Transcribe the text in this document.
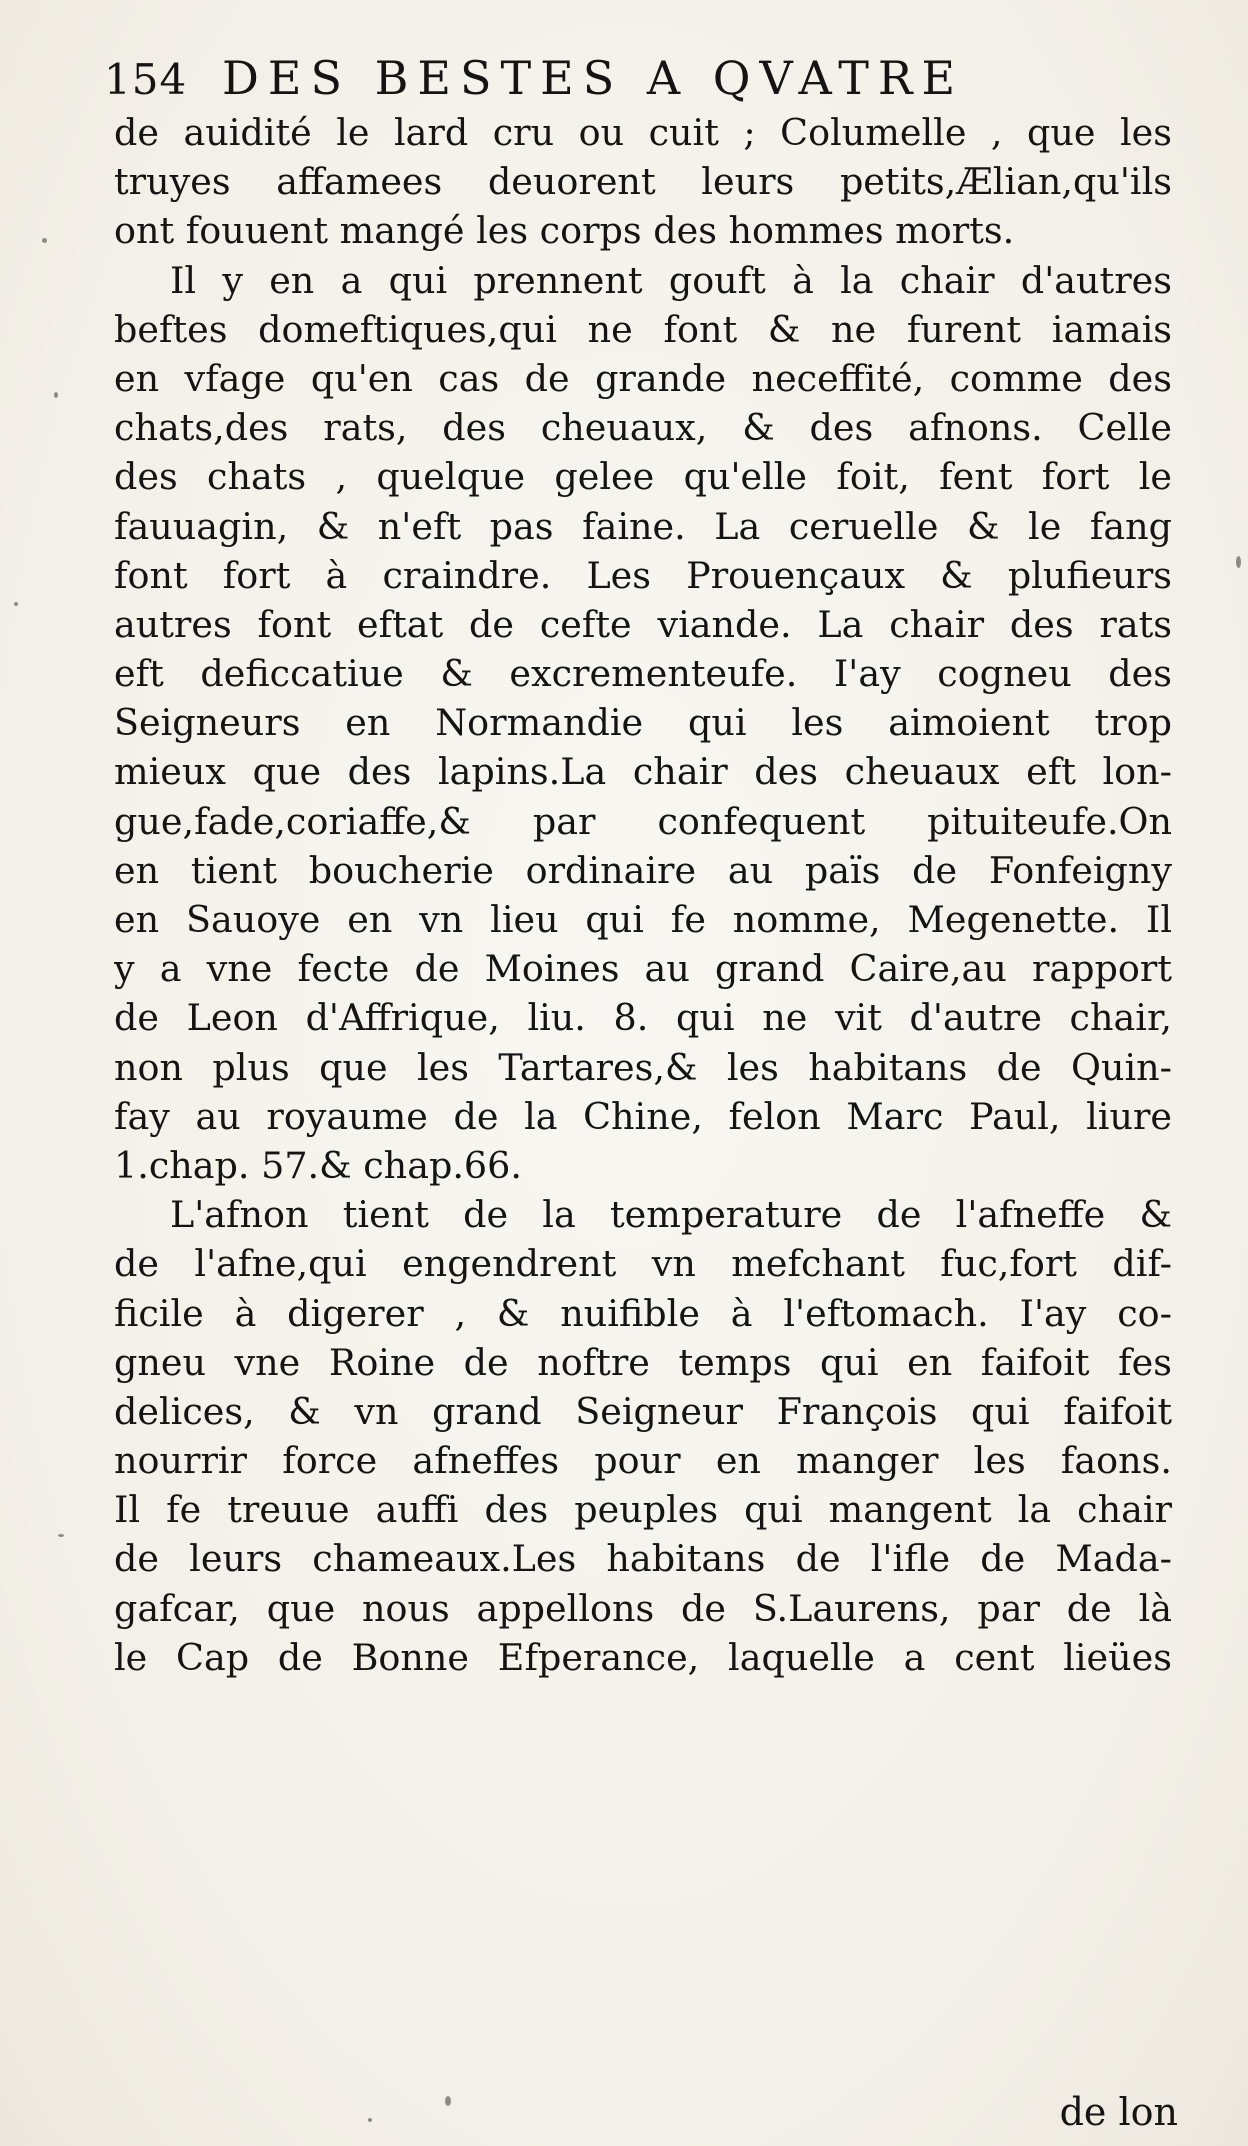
154 DES BESTES A QVATRE
de auidité le lard cru ou cuit ; Columelle , que les
truyes affamees deuorent leurs petits,Ælian,qu'ils
ont fouuent mangé les corps des hommes morts.
Il y en a qui prennent gouft à la chair d'autres
beftes domeftiques,qui ne font & ne furent iamais
en vfage qu'en cas de grande neceffité, comme des
chats,des rats, des cheuaux, & des afnons. Celle
des chats , quelque gelee qu'elle foit, fent fort le
fauuagin, & n'eft pas faine. La ceruelle & le fang
font fort à craindre. Les Prouençaux & plufieurs
autres font eftat de cefte viande. La chair des rats
eft deficcatiue & excrementeufe. I'ay cogneu des
Seigneurs en Normandie qui les aimoient trop
mieux que des lapins.La chair des cheuaux eft lon-
gue,fade,coriaffe,& par confequent pituiteufe.On
en tient boucherie ordinaire au païs de Fonfeigny
en Sauoye en vn lieu qui fe nomme, Megenette. Il
y a vne fecte de Moines au grand Caire,au rapport
de Leon d'Affrique, liu. 8. qui ne vit d'autre chair,
non plus que les Tartares,& les habitans de Quin-
fay au royaume de la Chine, felon Marc Paul, liure
1.chap. 57.& chap.66.
L'afnon tient de la temperature de l'afneffe &
de l'afne,qui engendrent vn mefchant fuc,fort dif-
ficile à digerer , & nuifible à l'eftomach. I'ay co-
gneu vne Roine de noftre temps qui en faifoit fes
delices, & vn grand Seigneur François qui faifoit
nourrir force afneffes pour en manger les faons.
Il fe treuue auffi des peuples qui mangent la chair
de leurs chameaux.Les habitans de l'ifle de Mada-
gafcar, que nous appellons de S.Laurens, par de là
le Cap de Bonne Efperance, laquelle a cent lieües
de lon
